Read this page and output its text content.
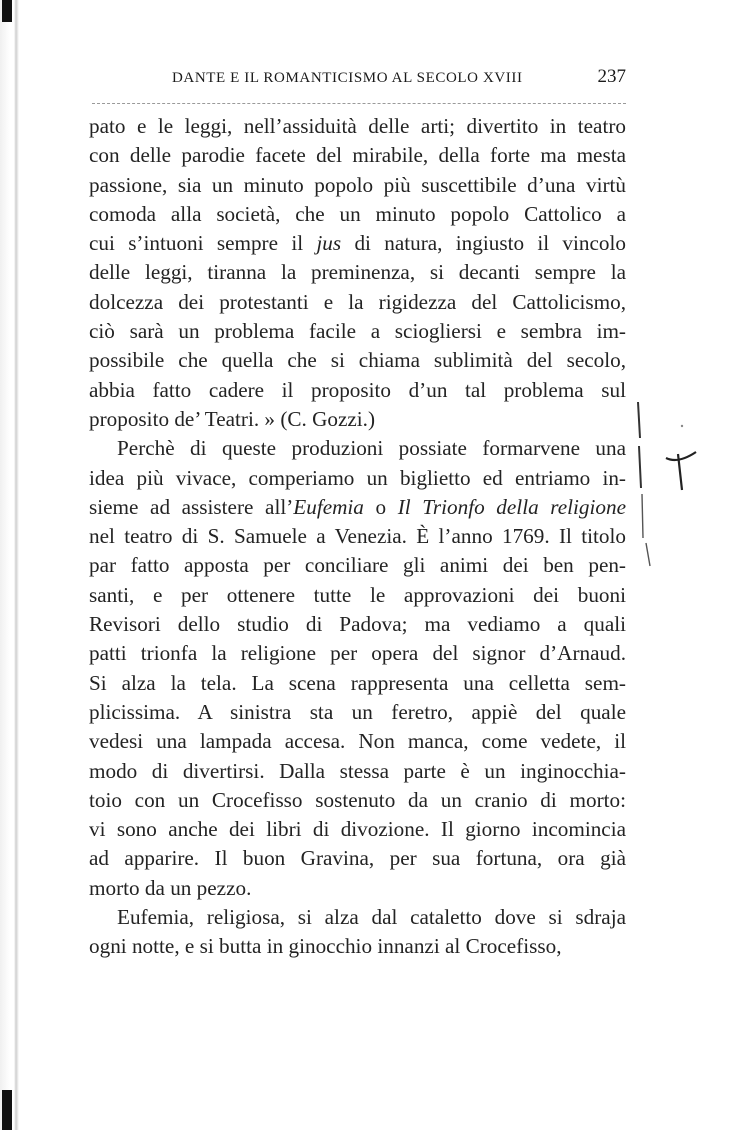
DANTE E IL ROMANTICISMO AL SECOLO XVIII	237
pato e le leggi, nell’assiduità delle arti; divertito in teatro
con delle parodie facete del mirabile, della forte ma mesta
passione, sia un minuto popolo più suscettibile d’una virtù
comoda alla società, che un minuto popolo Cattolico a
cui s’intuoni sempre il jus di natura, ingiusto il vincolo
delle leggi, tiranna la preminenza, si decanti sempre la
dolcezza dei protestanti e la rigidezza del Cattolicismo,
ciò sarà un problema facile a sciogliersi e sembra im-
possibile che quella che si chiama sublimità del secolo,
abbia fatto cadere il proposito d’un tal problema sul
proposito de’ Teatri. » (C. Gozzi.)
Perchè di queste produzioni possiate formarvene una
idea più vivace, comperiamo un biglietto ed entriamo in-
sieme ad assistere all’Eufemia o Il Trionfo della religione
nel teatro di S. Samuele a Venezia. È l’anno 1769. Il titolo
par fatto apposta per conciliare gli animi dei ben pen-
santi, e per ottenere tutte le approvazioni dei buoni
Revisori dello studio di Padova; ma vediamo a quali
patti trionfa la religione per opera del signor d’Arnaud.
Si alza la tela. La scena rappresenta una celletta sem-
plicissima. A sinistra sta un feretro, appiè del quale
vedesi una lampada accesa. Non manca, come vedete, il
modo di divertirsi. Dalla stessa parte è un inginocchia-
toio con un Crocefisso sostenuto da un cranio di morto:
vi sono anche dei libri di divozione. Il giorno incomincia
ad apparire. Il buon Gravina, per sua fortuna, ora già
morto da un pezzo.
Eufemia, religiosa, si alza dal cataletto dove si sdraja
ogni notte, e si butta in ginocchio innanzi al Crocefisso,
